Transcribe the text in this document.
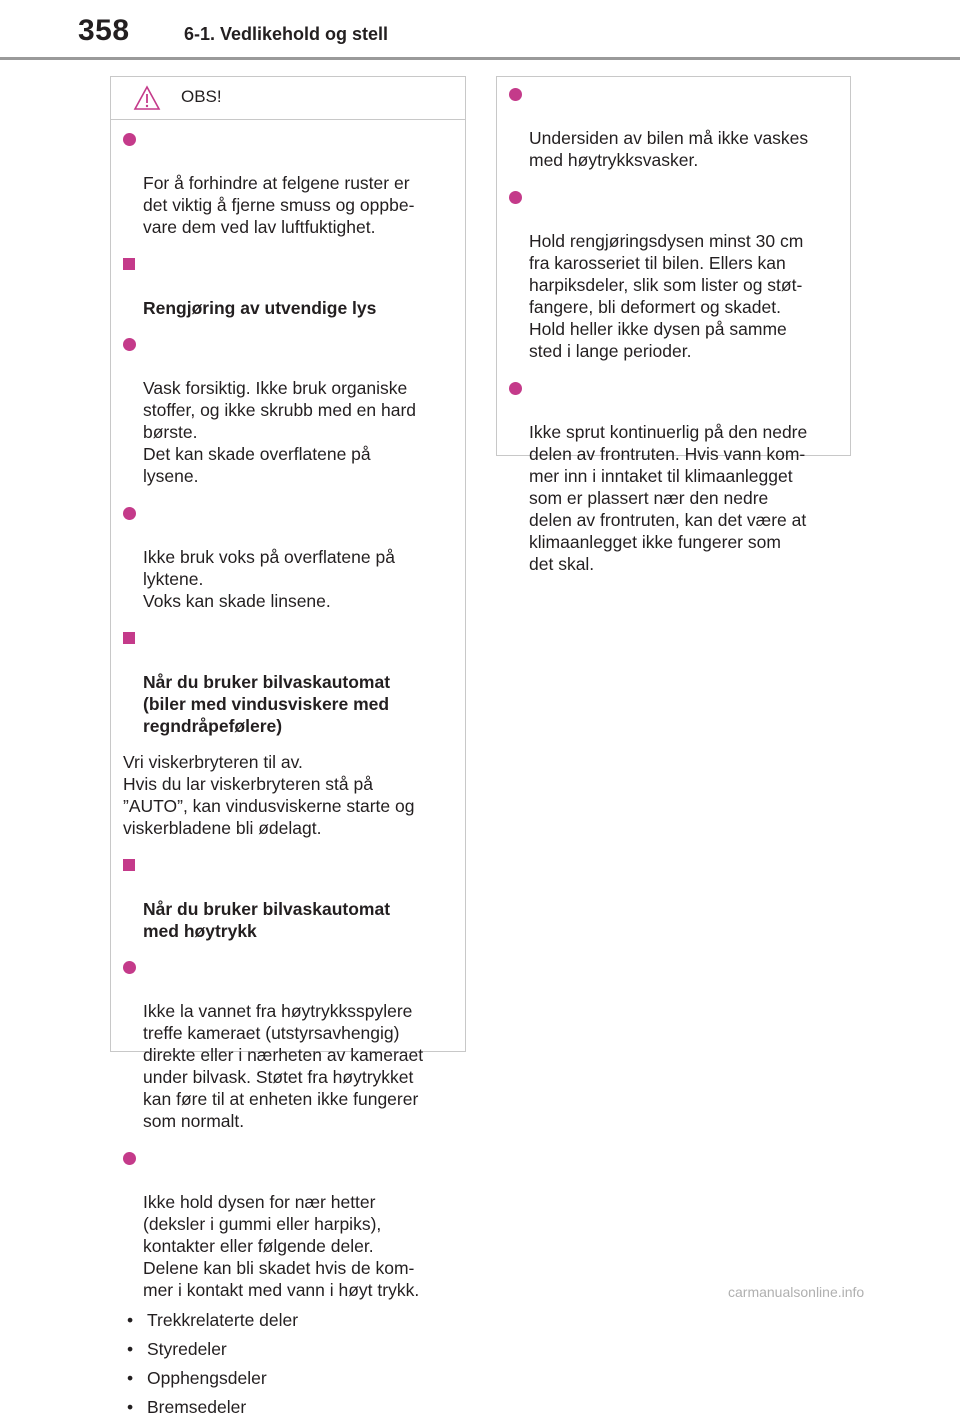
358	6-1. Vedlikehold og stell
OBS!

For å forhindre at felgene ruster er
det viktig å fjerne smuss og oppbe-
vare dem ved lav luftfuktighet.

Rengjøring av utvendige lys

Vask forsiktig. Ikke bruk organiske
stoffer, og ikke skrubb med en hard
børste.
Det kan skade overflatene på
lysene.

Ikke bruk voks på overflatene på
lyktene.
Voks kan skade linsene.

Når du bruker bilvaskautomat
(biler med vindusviskere med
regndråpefølere)

Vri viskerbryteren til av.
Hvis du lar viskerbryteren stå på
”AUTO”, kan vindusviskerne starte og
viskerbladene bli ødelagt.

Når du bruker bilvaskautomat
med høytrykk

Ikke la vannet fra høytrykksspylere
treffe kameraet (utstyrsavhengig)
direkte eller i nærheten av kameraet
under bilvask. Støtet fra høytrykket
kan føre til at enheten ikke fungerer
som normalt.

Ikke hold dysen for nær hetter
(deksler i gummi eller harpiks),
kontakter eller følgende deler.
Delene kan bli skadet hvis de kom-
mer i kontakt med vann i høyt trykk.

• Trekkrelaterte deler
• Styredeler
• Opphengsdeler
• Bremsedeler

Undersiden av bilen må ikke vaskes
med høytrykksvasker.

Hold rengjøringsdysen minst 30 cm
fra karosseriet til bilen. Ellers kan
harpiksdeler, slik som lister og støt-
fangere, bli deformert og skadet.
Hold heller ikke dysen på samme
sted i lange perioder.

Ikke sprut kontinuerlig på den nedre
delen av frontruten. Hvis vann kom-
mer inn i inntaket til klimaanlegget
som er plassert nær den nedre
delen av frontruten, kan det være at
klimaanlegget ikke fungerer som
det skal.

carmanualsonline.info
